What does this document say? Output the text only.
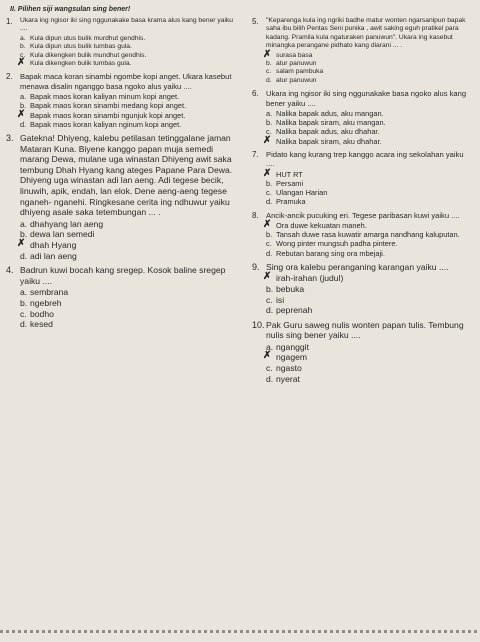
II. Pilihen siji wangsulan sing bener!
1. Ukara ing ngisor iki sing nggunakake basa krama alus kang bener yaiku ....
a. Kula dipun utus bulik murdhut gendhis.
b. Kula dipun utus bulik tumbas gula.
c. Kula dikengken bulik mundhut gendhis.
✗ Kula dikengken bulik tumbas gula.
2. Bapak maca koran sinambi ngombe kopi anget. Ukara kasebut menawa disalin nganggo basa ngoko alus yaiku ....
a. Bapak maos koran kaliyan minum kopi anget.
b. Bapak maos koran sinambi medang kopi anget.
✗ Bapak maos koran sinambi ngunjuk kopi anget.
d. Bapak maos koran kaliyan nginum kopi anget.
3. Gatekna! Dhiyeng, kalebu petilasan tetinggalane jaman Mataran Kuna. Biyene kanggo papan muja semedi marang Dewa, mulane uga winastan Dhiyeng awit saka tembung Dhah Hyang kang ateges Papane Para Dewa. Dhiyeng uga winastan adi lan aeng. Adi tegese becik, linuwih, apik, endah, lan elok. Dene aeng-aeng tegese nganeh- nganehi. Ringkesane cerita ing ndhuwur yaiku dhiyeng asale saka tetembungan ... .
a. dhahyang lan aeng
b. dewa lan semedi
✗ dhah Hyang
d. adi lan aeng
4. Badrun kuwi bocah kang sregep. Kosok baline sregep yaiku ....
a. sembrana
b. ngebreh
c. bodho
d. kesed
5. "Keparenga kula ing ngriki badhe matur wonten ngarsanipun bapak saha ibu bilih Pentas Seni punika , awit saking eguh pratikel para kadang. Pramila kula ngaturaken panuwun". Ukara ing kasebut minangka perangane pidhato kang diarani ... .
✗ surasa basa
b. atur panuwun
c. salam pambuka
d. atur panuwun
6. Ukara ing ngisor iki sing nggunakake basa ngoko alus kang bener yaiku ....
a. Nalika bapak adus, aku mangan.
b. Nalika bapak siram, aku mangan.
c. Nalika bapak adus, aku dhahar.
✗ Nalika bapak siram, aku dhahar.
7. Pidato kang kurang trep kanggo acara ing sekolahan yaiku ....
✗ HUT RT
b. Persami
c. Ulangan Harian
d. Pramuka
8. Ancik-ancik pucuking eri. Tegese paribasan kuwi yaiku ....
✗ Ora duwe kekuatan maneh.
b. Tansah duwe rasa kuwatir amarga nandhang kaluputan.
c. Wong pinter mungsuh padha pintere.
d. Rebutan barang sing ora mbejaji.
9. Sing ora kalebu peranganing karangan yaiku ....
✗ irah-irahan (judul)
b. bebuka
c. isi
d. peprenah
10. Pak Guru saweg nulis wonten papan tulis. Tembung nulis sing bener yaiku ....
a. nganggit
✗ ngagem
c. ngasto
d. nyerat
